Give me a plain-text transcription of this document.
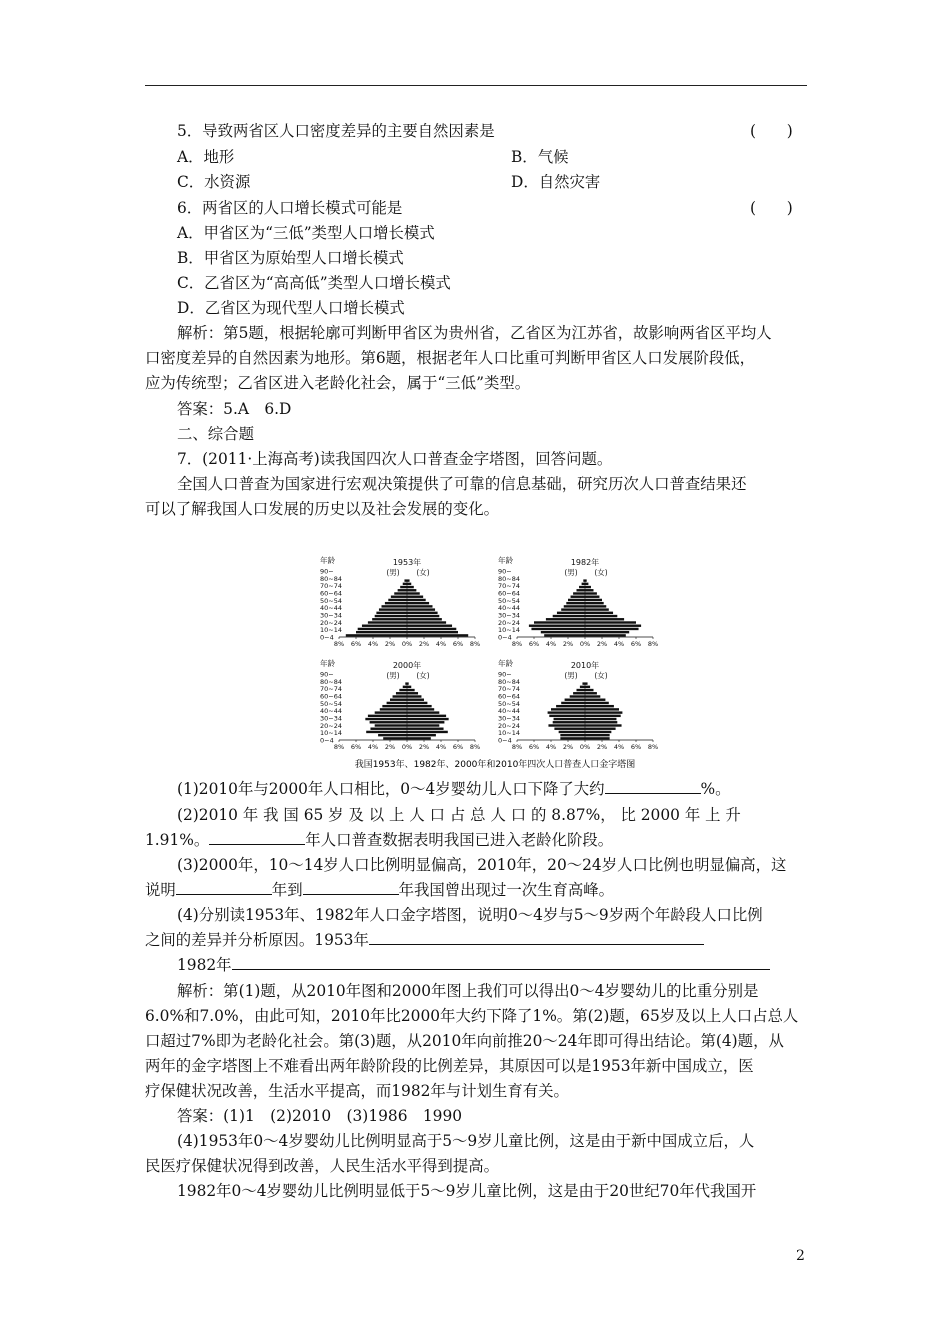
5．导致两省区人口密度差异的主要自然因素是	(　　)
A．地形	B．气候
C．水资源	D．自然灾害
6．两省区的人口增长模式可能是	(　　)
A．甲省区为“三低”类型人口增长模式
B．甲省区为原始型人口增长模式
C．乙省区为“高高低”类型人口增长模式
D．乙省区为现代型人口增长模式
解析：第5题，根据轮廓可判断甲省区为贵州省，乙省区为江苏省，故影响两省区平均人
口密度差异的自然因素为地形。第6题，根据老年人口比重可判断甲省区人口发展阶段低，
应为传统型；乙省区进入老龄化社会，属于“三低”类型。
答案：5.A　6.D
二、综合题
7．(2011·上海高考)读我国四次人口普查金字塔图，回答问题。
全国人口普查为国家进行宏观决策提供了可靠的信息基础，研究历次人口普查结果还
可以了解我国人口发展的历史以及社会发展的变化。
年龄	1953年
(男) (女)
90~
80~84
70~74
60~64
50~54
40~44
30~34
20~24
10~14
0~4
8% 6% 4% 2% 0% 2% 4% 6% 8%
年龄	1982年
(男) (女)
90~
80~84
70~74
60~64
50~54
40~44
30~34
20~24
10~14
0~4
8% 6% 4% 2% 0% 2% 4% 6% 8%
年龄	2000年
(男) (女)
90~
80~84
70~74
60~64
50~54
40~44
30~34
20~24
10~14
0~4
8% 6% 4% 2% 0% 2% 4% 6% 8%
年龄	2010年
(男) (女)
90~
80~84
70~74
60~64
50~54
40~44
30~34
20~24
10~14
0~4
8% 6% 4% 2% 0% 2% 4% 6% 8%
我国1953年、1982年、2000年和2010年四次人口普查人口金字塔图
(1)2010年与2000年人口相比，0～4岁婴幼儿人口下降了大约	%。
(2)2010 年 我 国 65 岁 及 以 上 人 口 占 总 人 口 的 8.87%， 比 2000 年 上 升
1.91%。	年人口普查数据表明我国已进入老龄化阶段。
(3)2000年，10～14岁人口比例明显偏高，2010年，20～24岁人口比例也明显偏高，这
说明	年到	年我国曾出现过一次生育高峰。
(4)分别读1953年、1982年人口金字塔图，说明0～4岁与5～9岁两个年龄段人口比例
之间的差异并分析原因。1953年
1982年
解析：第(1)题，从2010年图和2000年图上我们可以得出0～4岁婴幼儿的比重分别是
6.0%和7.0%，由此可知，2010年比2000年大约下降了1%。第(2)题，65岁及以上人口占总人
口超过7%即为老龄化社会。第(3)题，从2010年向前推20～24年即可得出结论。第(4)题，从
两年的金字塔图上不难看出两年龄阶段的比例差异，其原因可以是1953年新中国成立，医
疗保健状况改善，生活水平提高，而1982年与计划生育有关。
答案：(1)1　(2)2010　(3)1986　1990
(4)1953年0～4岁婴幼儿比例明显高于5～9岁儿童比例，这是由于新中国成立后，人
民医疗保健状况得到改善，人民生活水平得到提高。
1982年0～4岁婴幼儿比例明显低于5～9岁儿童比例，这是由于20世纪70年代我国开
2
